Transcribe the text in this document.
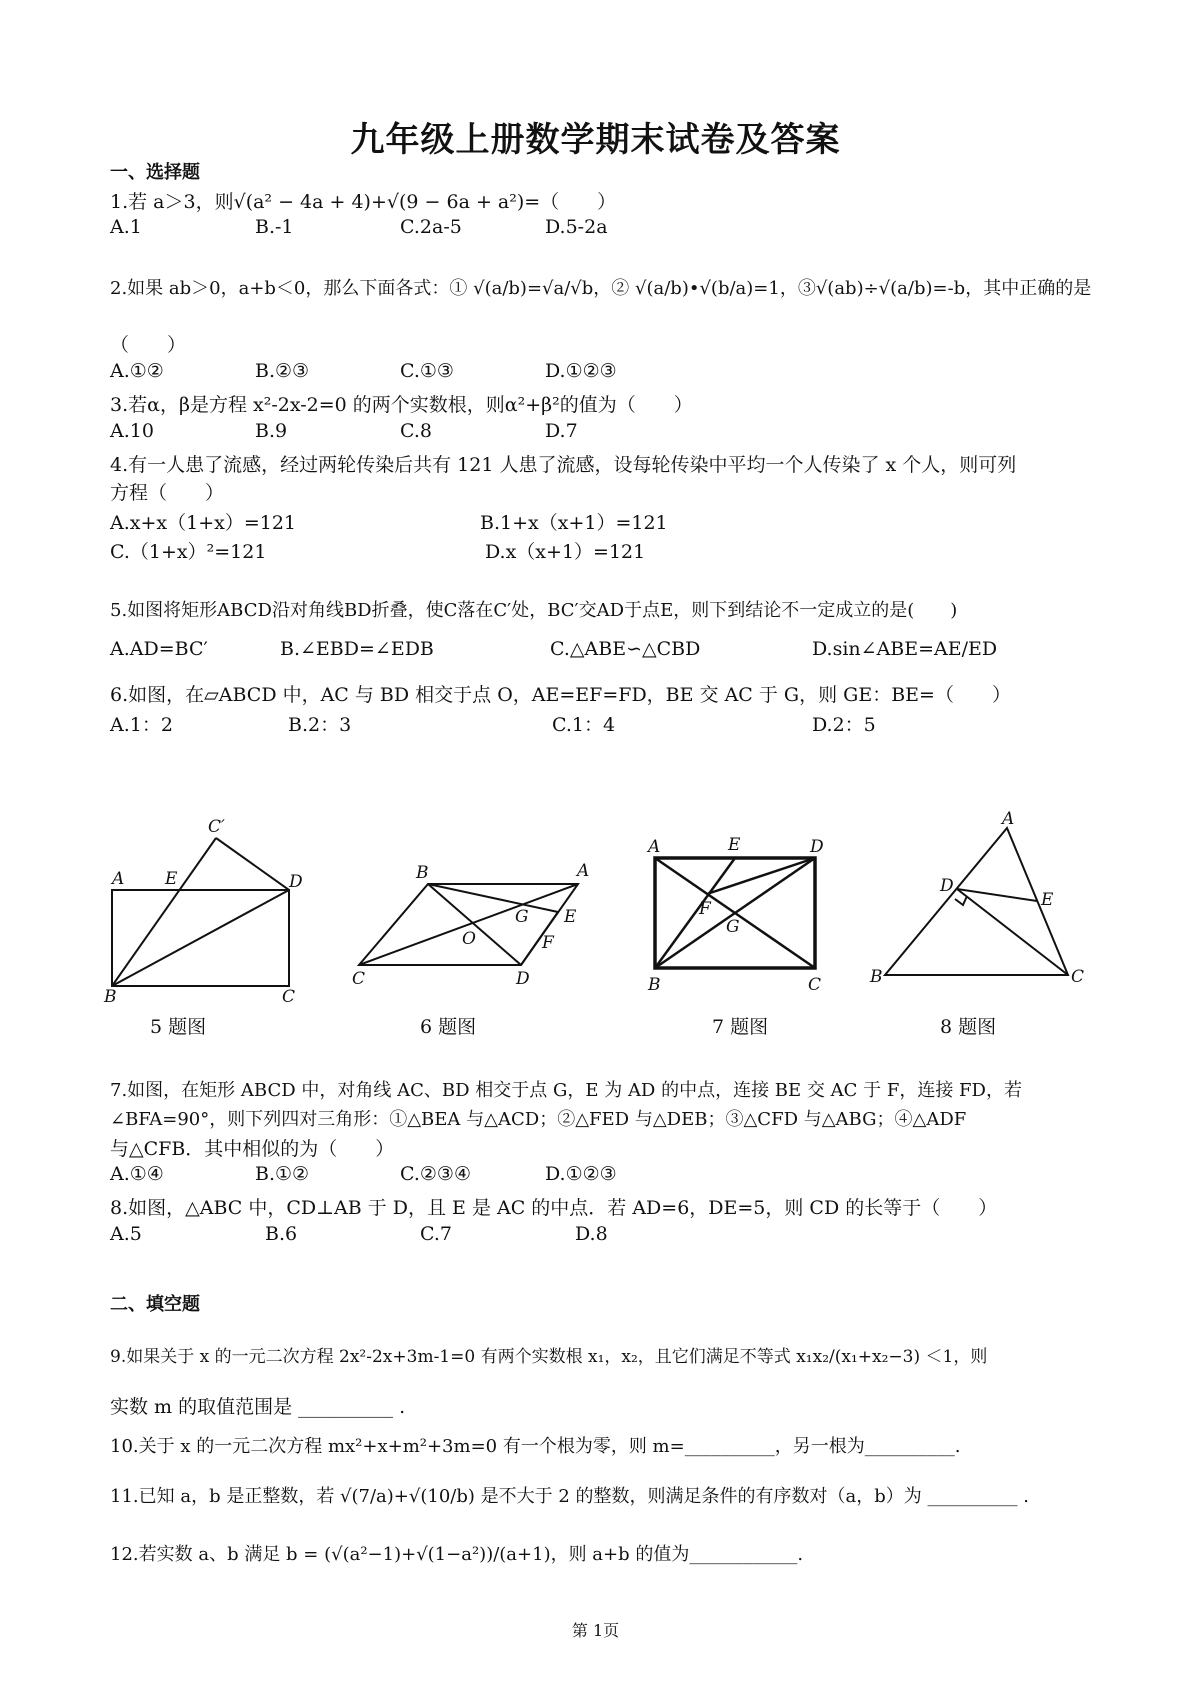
九年级上册数学期末试卷及答案
一、选择题
1.若 a＞3，则√(a² − 4a + 4)+√(9 − 6a + a²)=（　　）
A.1	B.-1	C.2a-5	D.5-2a
2.如果 ab＞0，a+b＜0，那么下面各式：① √(a/b)=√a/√b，② √(a/b)•√(b/a)=1，③√(ab)÷√(a/b)=-b，其中正确的是
（　　）
A.①②	B.②③	C.①③	D.①②③
3.若α，β是方程 x²-2x-2=0 的两个实数根，则α²+β²的值为（　　）
A.10	B.9	C.8	D.7
4.有一人患了流感，经过两轮传染后共有 121 人患了流感，设每轮传染中平均一个人传染了 x 个人，则可列
方程（　　）
A.x+x（1+x）=121	B.1+x（x+1）=121
C.（1+x）²=121	D.x（x+1）=121
5.如图将矩形ABCD沿对角线BD折叠，使C落在C′处，BC′交AD于点E，则下到结论不一定成立的是(　　)
A.AD=BC′	B.∠EBD=∠EDB	C.△ABE∽△CBD	D.sin∠ABE=AE/ED
6.如图，在▱ABCD 中，AC 与 BD 相交于点 O，AE=EF=FD，BE 交 AC 于 G，则 GE：BE=（　　）
A.1：2	B.2：3	C.1：4	D.2：5
C′
A E	D
B	C
B	A
G E
O	F
C	D
A	E	D
F
G
B	C
A
D
E
B	C
5 题图	6 题图	7 题图	8 题图
7.如图，在矩形 ABCD 中，对角线 AC、BD 相交于点 G，E 为 AD 的中点，连接 BE 交 AC 于 F，连接 FD，若
∠BFA=90°，则下列四对三角形：①△BEA 与△ACD；②△FED 与△DEB；③△CFD 与△ABG；④△ADF
与△CFB．其中相似的为（　　）
A.①④	B.①②	C.②③④	D.①②③
8.如图，△ABC 中，CD⊥AB 于 D，且 E 是 AC 的中点．若 AD=6，DE=5，则 CD 的长等于（　　）
A.5	B.6	C.7	D.8
二、填空题
9.如果关于 x 的一元二次方程 2x²-2x+3m-1=0 有两个实数根 x₁，x₂，且它们满足不等式 x₁x₂/(x₁+x₂−3) ＜1，则
实数 m 的取值范围是 __________ .
10.关于 x 的一元二次方程 mx²+x+m²+3m=0 有一个根为零，则 m=__________，另一根为__________.
11.已知 a，b 是正整数，若 √(7/a)+√(10/b) 是不大于 2 的整数，则满足条件的有序数对（a，b）为 __________ .
12.若实数 a、b 满足 b = (√(a²−1)+√(1−a²))/(a+1)，则 a+b 的值为____________.
第 1页
